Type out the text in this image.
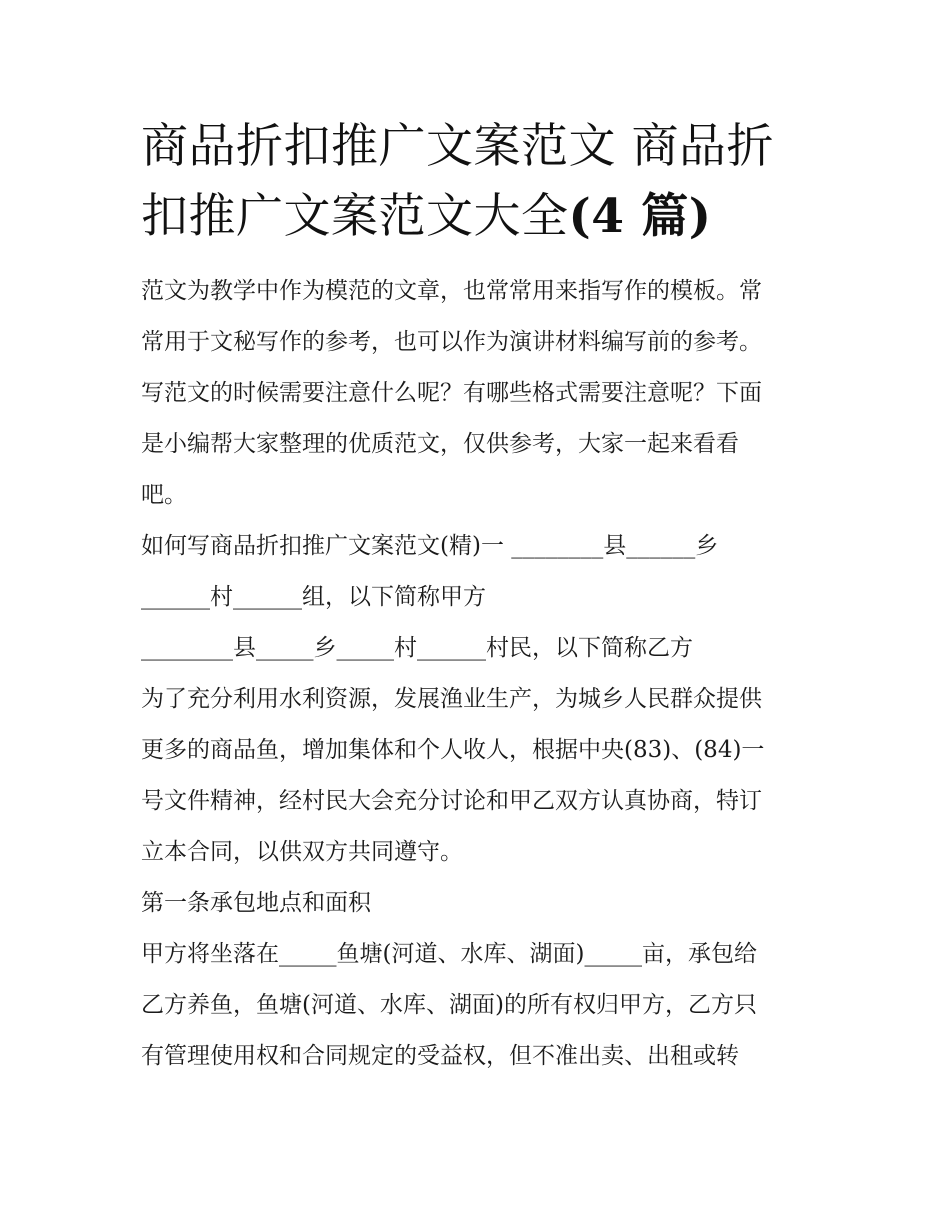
商品折扣推广文案范文 商品折
扣推广文案范文大全(4 篇)

范文为教学中作为模范的文章，也常常用来指写作的模板。常
常用于文秘写作的参考，也可以作为演讲材料编写前的参考。
写范文的时候需要注意什么呢？有哪些格式需要注意呢？下面
是小编帮大家整理的优质范文，仅供参考，大家一起来看看
吧。

如何写商品折扣推广文案范文(精)一 ________县______乡
______村______组，以下简称甲方

________县_____乡_____村______村民，以下简称乙方

为了充分利用水利资源，发展渔业生产，为城乡人民群众提供
更多的商品鱼，增加集体和个人收人，根据中央(83)、(84)一
号文件精神，经村民大会充分讨论和甲乙双方认真协商，特订
立本合同，以供双方共同遵守。

第一条承包地点和面积

甲方将坐落在_____鱼塘(河道、水库、湖面)_____亩，承包给
乙方养鱼，鱼塘(河道、水库、湖面)的所有权归甲方，乙方只
有管理使用权和合同规定的受益权，但不准出卖、出租或转
